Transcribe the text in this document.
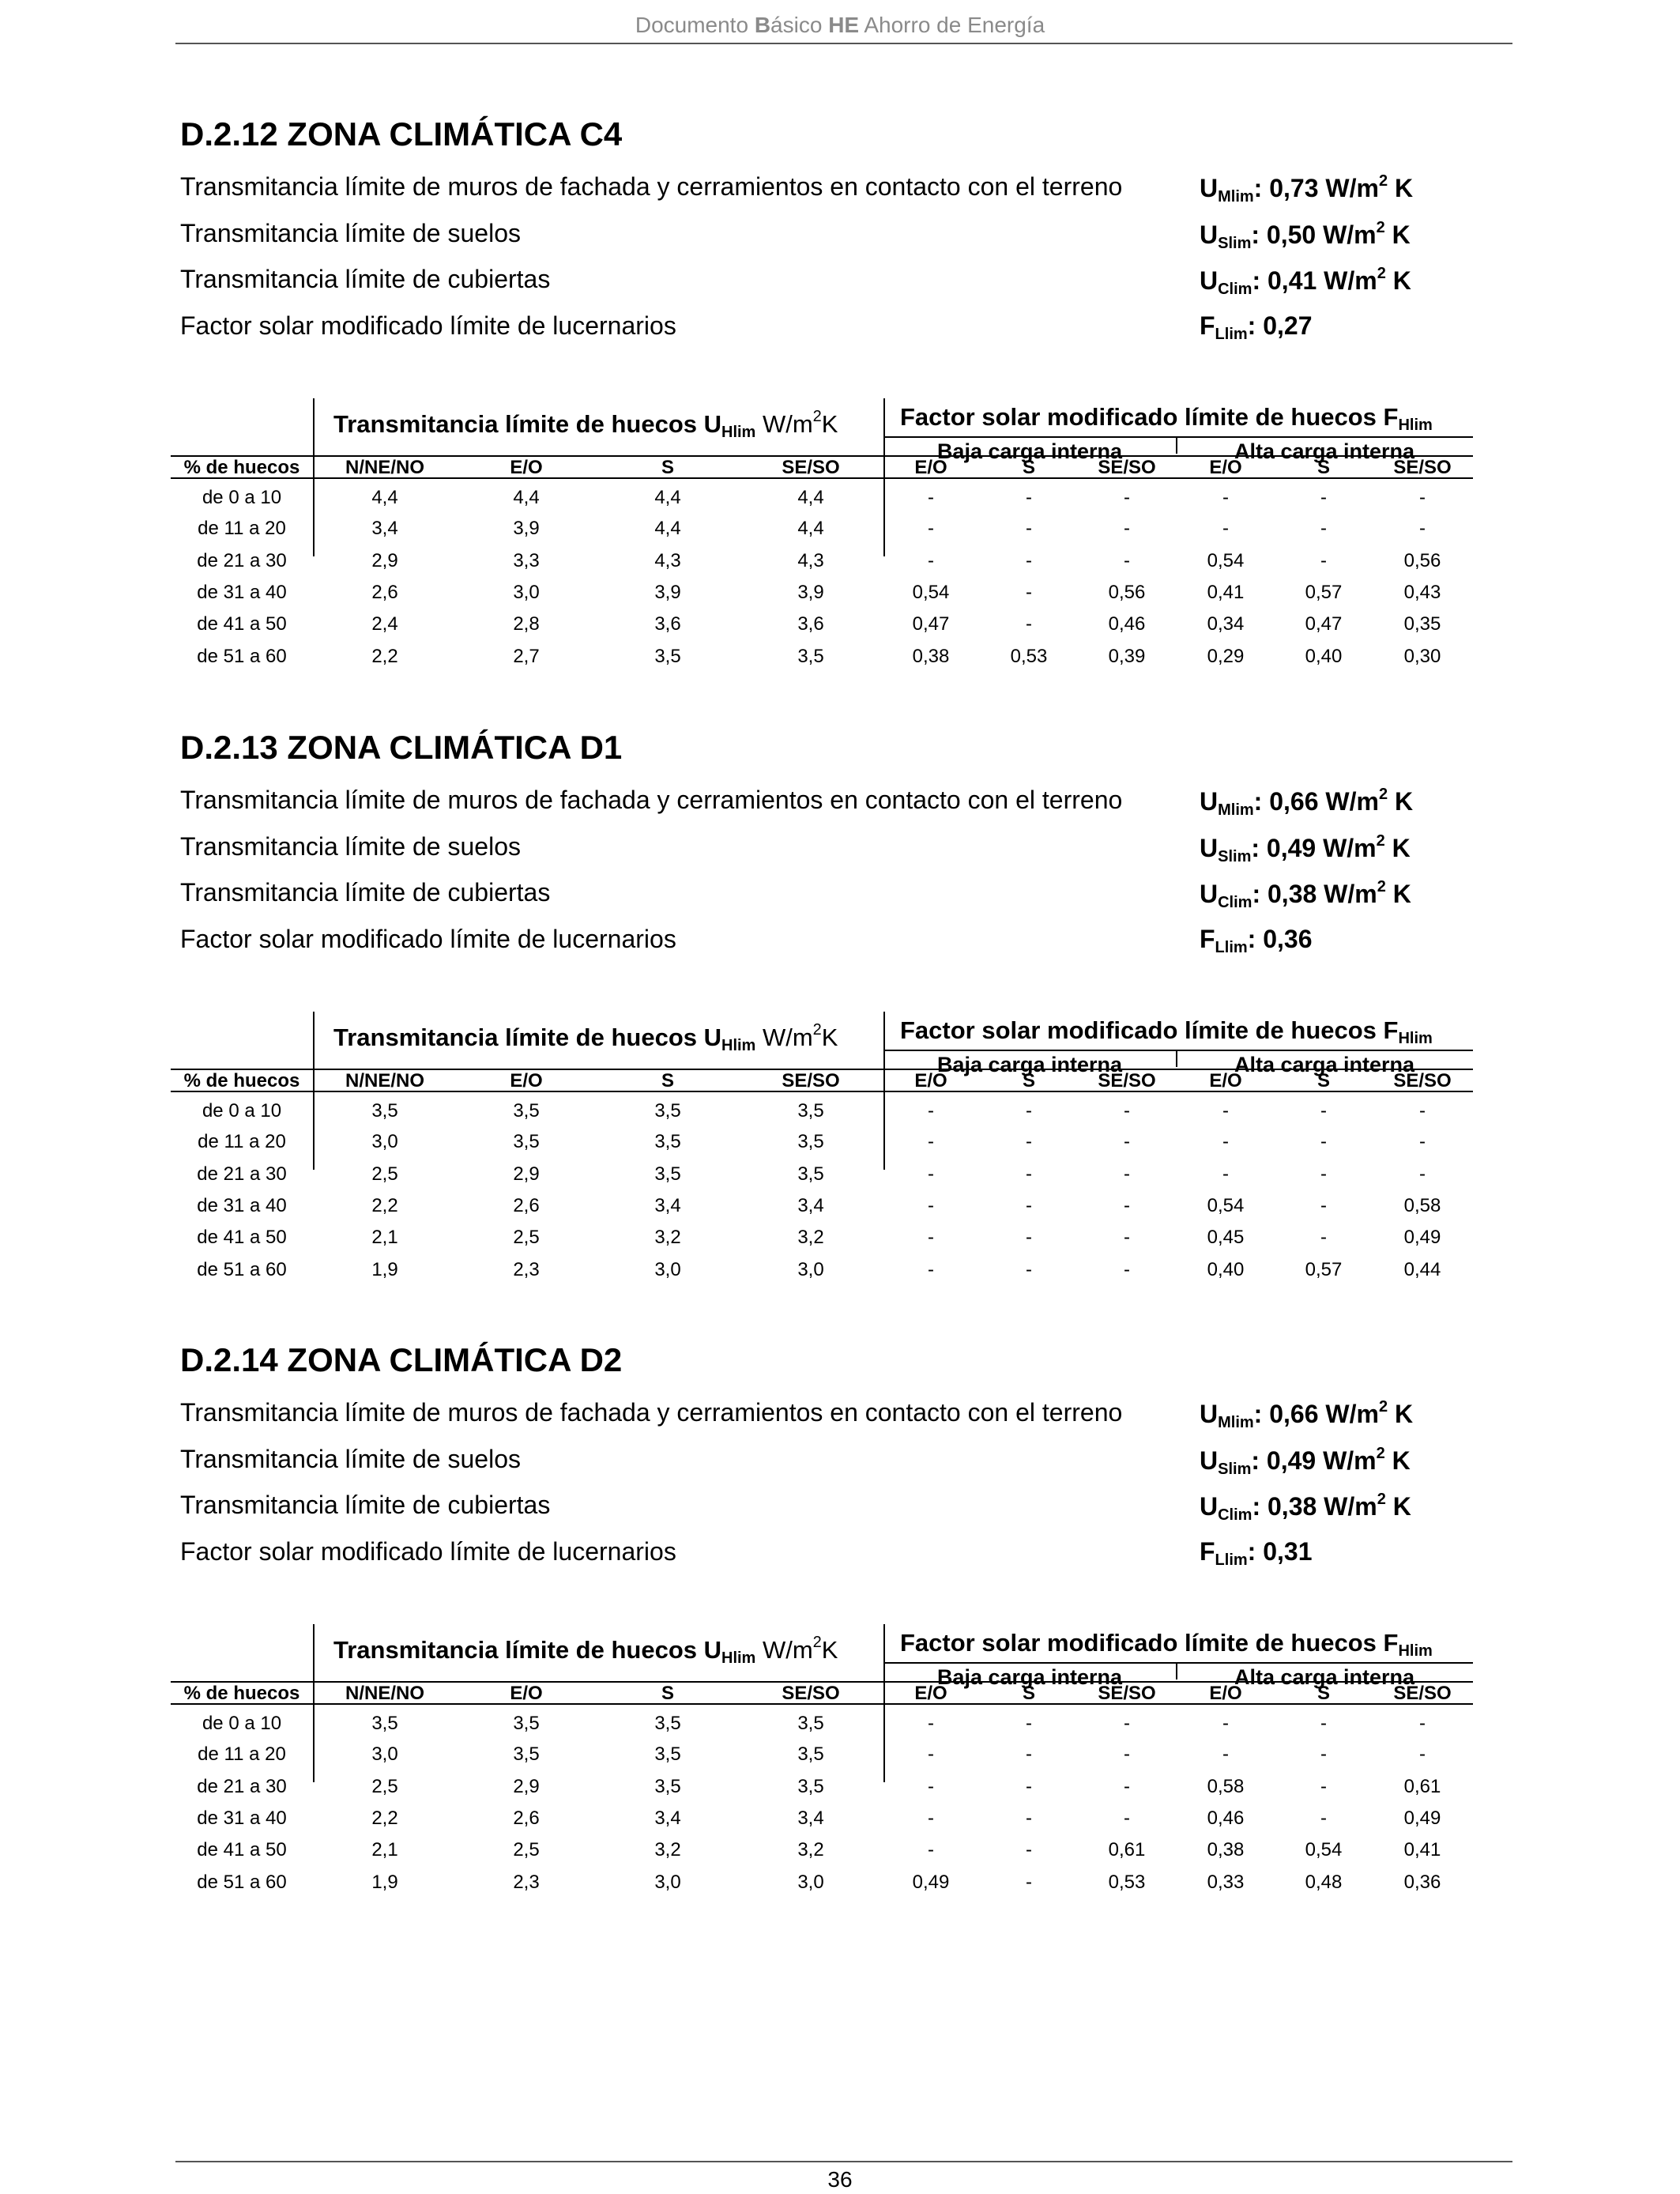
Documento Básico HE Ahorro de Energía
D.2.12 ZONA CLIMÁTICA C4
Transmitancia límite de muros de fachada y cerramientos en contacto con el terreno	$U_{Mlim}$: 0,73 $W/m^2$ K
Transmitancia límite de suelos	$U_{Slim}$: 0,50 $W/m^2$ K
Transmitancia límite de cubiertas	$U_{Clim}$: 0,41 $W/m^2$ K
Factor solar modificado límite de lucernarios	$F_{Llim}$: 0,27
Transmitancia límite de huecos $U_{Hlim}$ $W/m^2K$	Factor solar modificado límite de huecos $F_{Hlim}$
Baja carga interna	Alta carga interna
% de huecos	N/NE/NO	E/O	S	SE/SO	E/O	S	SE/SO	E/O	S	SE/SO
de 0 a 10	4,4	4,4	4,4	4,4	-	-	-	-	-	-
de 11 a 20	3,4	3,9	4,4	4,4	-	-	-	-	-	-
de 21 a 30	2,9	3,3	4,3	4,3	-	-	-	0,54	-	0,56
de 31 a 40	2,6	3,0	3,9	3,9	0,54	-	0,56	0,41	0,57	0,43
de 41 a 50	2,4	2,8	3,6	3,6	0,47	-	0,46	0,34	0,47	0,35
de 51 a 60	2,2	2,7	3,5	3,5	0,38	0,53	0,39	0,29	0,40	0,30
D.2.13 ZONA CLIMÁTICA D1
Transmitancia límite de muros de fachada y cerramientos en contacto con el terreno	$U_{Mlim}$: 0,66 $W/m^2$ K
Transmitancia límite de suelos	$U_{Slim}$: 0,49 $W/m^2$ K
Transmitancia límite de cubiertas	$U_{Clim}$: 0,38 $W/m^2$ K
Factor solar modificado límite de lucernarios	$F_{Llim}$: 0,36
Transmitancia límite de huecos $U_{Hlim}$ $W/m^2K$	Factor solar modificado límite de huecos $F_{Hlim}$
Baja carga interna	Alta carga interna
% de huecos	N/NE/NO	E/O	S	SE/SO	E/O	S	SE/SO	E/O	S	SE/SO
de 0 a 10	3,5	3,5	3,5	3,5	-	-	-	-	-	-
de 11 a 20	3,0	3,5	3,5	3,5	-	-	-	-	-	-
de 21 a 30	2,5	2,9	3,5	3,5	-	-	-	-	-	-
de 31 a 40	2,2	2,6	3,4	3,4	-	-	-	0,54	-	0,58
de 41 a 50	2,1	2,5	3,2	3,2	-	-	-	0,45	-	0,49
de 51 a 60	1,9	2,3	3,0	3,0	-	-	-	0,40	0,57	0,44
D.2.14 ZONA CLIMÁTICA D2
Transmitancia límite de muros de fachada y cerramientos en contacto con el terreno	$U_{Mlim}$: 0,66 $W/m^2$ K
Transmitancia límite de suelos	$U_{Slim}$: 0,49 $W/m^2$ K
Transmitancia límite de cubiertas	$U_{Clim}$: 0,38 $W/m^2$ K
Factor solar modificado límite de lucernarios	$F_{Llim}$: 0,31
Transmitancia límite de huecos $U_{Hlim}$ $W/m^2K$	Factor solar modificado límite de huecos $F_{Hlim}$
Baja carga interna	Alta carga interna
% de huecos	N/NE/NO	E/O	S	SE/SO	E/O	S	SE/SO	E/O	S	SE/SO
de 0 a 10	3,5	3,5	3,5	3,5	-	-	-	-	-	-
de 11 a 20	3,0	3,5	3,5	3,5	-	-	-	-	-	-
de 21 a 30	2,5	2,9	3,5	3,5	-	-	-	0,58	-	0,61
de 31 a 40	2,2	2,6	3,4	3,4	-	-	-	0,46	-	0,49
de 41 a 50	2,1	2,5	3,2	3,2	-	-	0,61	0,38	0,54	0,41
de 51 a 60	1,9	2,3	3,0	3,0	0,49	-	0,53	0,33	0,48	0,36
36
